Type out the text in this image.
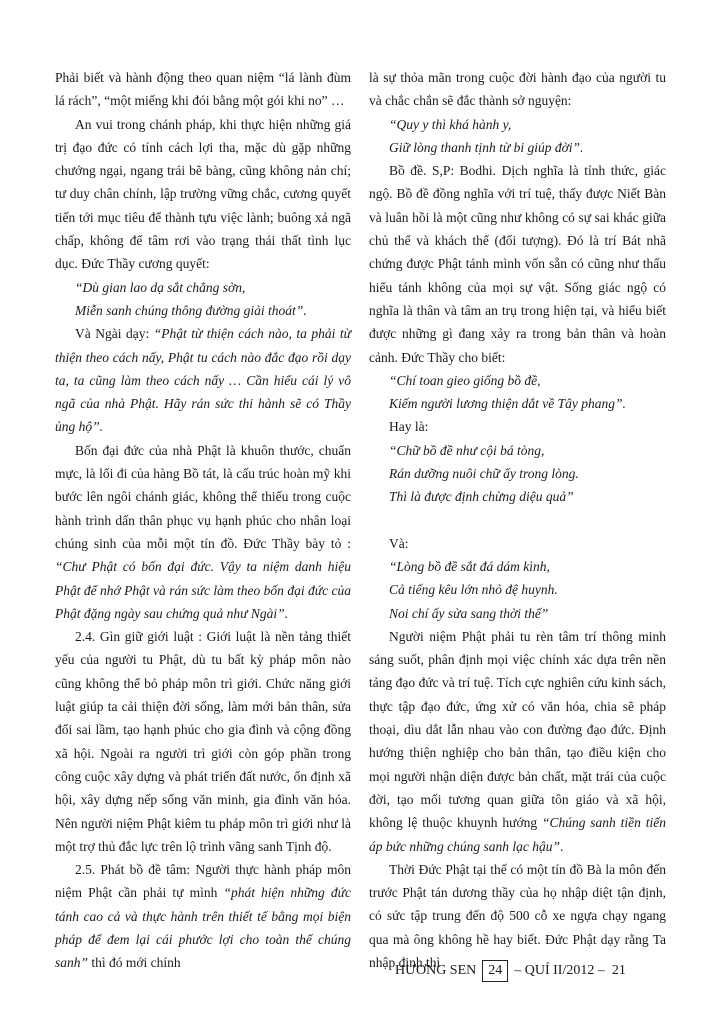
Phải biết và hành động theo quan niệm “lá lành đùm lá rách”, “một miếng khi đói bằng một gói khi no” …

An vui trong chánh pháp, khi thực hiện những giá trị đạo đức có tính cách lợi tha, mặc dù gặp những chướng ngại, ngang trái bẽ bàng, cũng không nản chí; tư duy chân chính, lập trường vững chắc, cương quyết tiến tới mục tiêu để thành tựu việc lành; buông xả ngã chấp, không để tâm rơi vào trạng thái thất tình lục dục. Đức Thầy cương quyết:

“Dù gian lao dạ sắt chẳng sờn,

Miễn sanh chúng thông đường giải thoát”.

Và Ngài dạy: “Phật từ thiện cách nào, ta phải từ thiện theo cách nấy, Phật tu cách nào đắc đạo rồi dạy ta, ta cũng làm theo cách nấy … Cần hiểu cái lý vô ngã của nhà Phật. Hãy rán sức thi hành sẽ có Thầy ủng hộ”.

Bốn đại đức của nhà Phật là khuôn thước, chuẩn mực, là lối đi của hàng Bồ tát, là cấu trúc hoàn mỹ khi bước lên ngôi chánh giác, không thể thiếu trong cuộc hành trình dấn thân phục vụ hạnh phúc cho nhân loại chúng sinh của mỗi một tín đồ. Đức Thầy bày tỏ : “Chư Phật có bốn đại đức. Vậy ta niệm danh hiệu Phật để nhớ Phật và rán sức làm theo bốn đại đức của Phật đặng ngày sau chứng quả như Ngài”.

2.4. Gìn giữ giới luật : Giới luật là nền tảng thiết yếu của người tu Phật, dù tu bất kỳ pháp môn nào cũng không thể bỏ pháp môn trì giới. Chức năng giới luật giúp ta cải thiện đời sống, làm mới bản thân, sửa đổi sai lầm, tạo hạnh phúc cho gia đình và cộng đồng xã hội. Ngoài ra người trì giới còn góp phần trong công cuộc xây dựng và phát triển đất nước, ổn định xã hội, xây dựng nếp sống văn minh, gia đình văn hóa. Nên người niệm Phật kiêm tu pháp môn trì giới như là một trợ thủ đắc lực trên lộ trình vãng sanh Tịnh độ.

2.5. Phát bồ đề tâm: Người thực hành pháp môn niệm Phật cần phải tự mình “phát hiện những đức tánh cao cả và thực hành trên thiết tế bằng mọi biện pháp để đem lại cái phước lợi cho toàn thể chúng sanh” thì đó mới chính

là sự thỏa mãn trong cuộc đời hành đạo của người tu và chắc chắn sẽ đắc thành sở nguyện:

“Quy y thì khá hành y,

Giữ lòng thanh tịnh từ bi giúp đời”.

Bồ đề. S,P: Bodhi. Dịch nghĩa là tỉnh thức, giác ngộ. Bồ đề đồng nghĩa với trí tuệ, thấy được Niết Bàn và luân hồi là một cũng như không có sự sai khác giữa chủ thể và khách thể (đối tượng). Đó là trí Bát nhã chứng được Phật tánh mình vốn sẵn có cũng như thấu hiểu tánh không của mọi sự vật. Sống giác ngộ có nghĩa là thân và tâm an trụ trong hiện tại, và hiểu biết được những gì đang xảy ra trong bản thân và hoàn cảnh. Đức Thầy cho biết:

“Chí toan gieo giống bồ đề,

Kiếm người lương thiện dắt về Tây phang”.

Hay là:

“Chữ bồ đề như cội bá tòng,

Rán dưỡng nuôi chữ ấy trong lòng.

Thì là được định chừng diệu quả”

Và:

“Lòng bồ đề sắt đá dám kình,

Cả tiếng kêu lớn nhỏ đệ huynh.

Noi chí ấy sửa sang thời thế”

Người niệm Phật phải tu rèn tâm trí thông minh sáng suốt, phân định mọi việc chính xác dựa trên nền tảng đạo đức và trí tuệ. Tích cực nghiên cứu kinh sách, thực tập đạo đức, ứng xử có văn hóa, chia sẽ pháp thoại, dìu dắt lẫn nhau vào con đường đạo đức. Định hướng thiện nghiệp cho bản thân, tạo điều kiện cho mọi người nhận diện được bản chất, mặt trái của cuộc đời, tạo mối tương quan giữa tôn giáo và xã hội, không lệ thuộc khuynh hướng “Chúng sanh tiền tiến áp bức những chúng sanh lạc hậu”.

Thời Đức Phật tại thế có một tín đồ Bà la môn đến trước Phật tán dương thầy của họ nhập diệt tận định, có sức tập trung đến độ 500 cỗ xe ngựa chạy ngang qua mà ông không hề hay biết. Đức Phật dạy rằng Ta nhập định thì

HƯƠNG SEN 24 – QUÍ II/2012 – 21
